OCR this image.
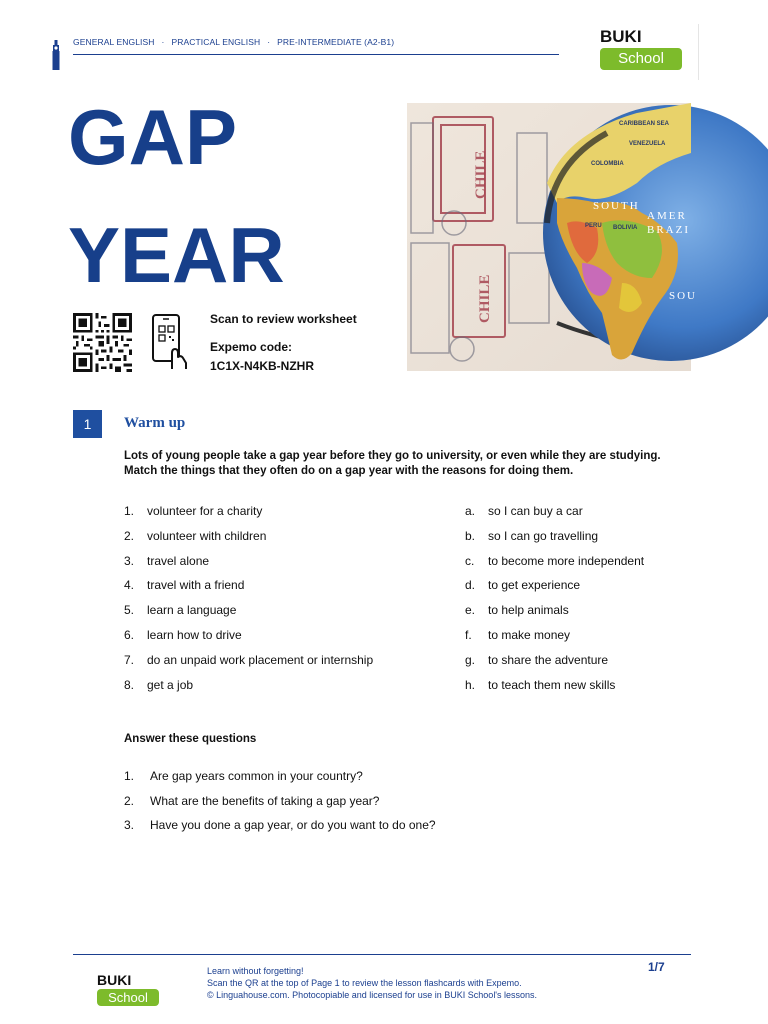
GENERAL ENGLISH · PRACTICAL ENGLISH · PRE-INTERMEDIATE (A2-B1)	BUKI
School
GAP
YEAR
Scan to review worksheet
Expemo code:
1C1X-N4KB-NZHR
CHILE
CHILE
CARIBBEAN SEA
VENEZUELA
COLOMBIA
PERU BOLIVIA
SOUTH
AMER
BRAZI
SOU
1	Warm up
Lots of young people take a gap year before they go to university, or even while they are studying. Match the things that they often do on a gap year with the reasons for doing them.
1.	volunteer for a charity
2.	volunteer with children
3.	travel alone
4.	travel with a friend
5.	learn a language
6.	learn how to drive
7.	do an unpaid work placement or internship
8.	get a job
a.	so I can buy a car
b.	so I can go travelling
c.	to become more independent
d.	to get experience
e.	to help animals
f.	to make money
g.	to share the adventure
h.	to teach them new skills
Answer these questions
1.	Are gap years common in your country?
2.	What are the benefits of taking a gap year?
3.	Have you done a gap year, or do you want to do one?
BUKI
School
Learn without forgetting!
Scan the QR at the top of Page 1 to review the lesson flashcards with Expemo.
© Linguahouse.com. Photocopiable and licensed for use in BUKI School's lessons.
1/7
